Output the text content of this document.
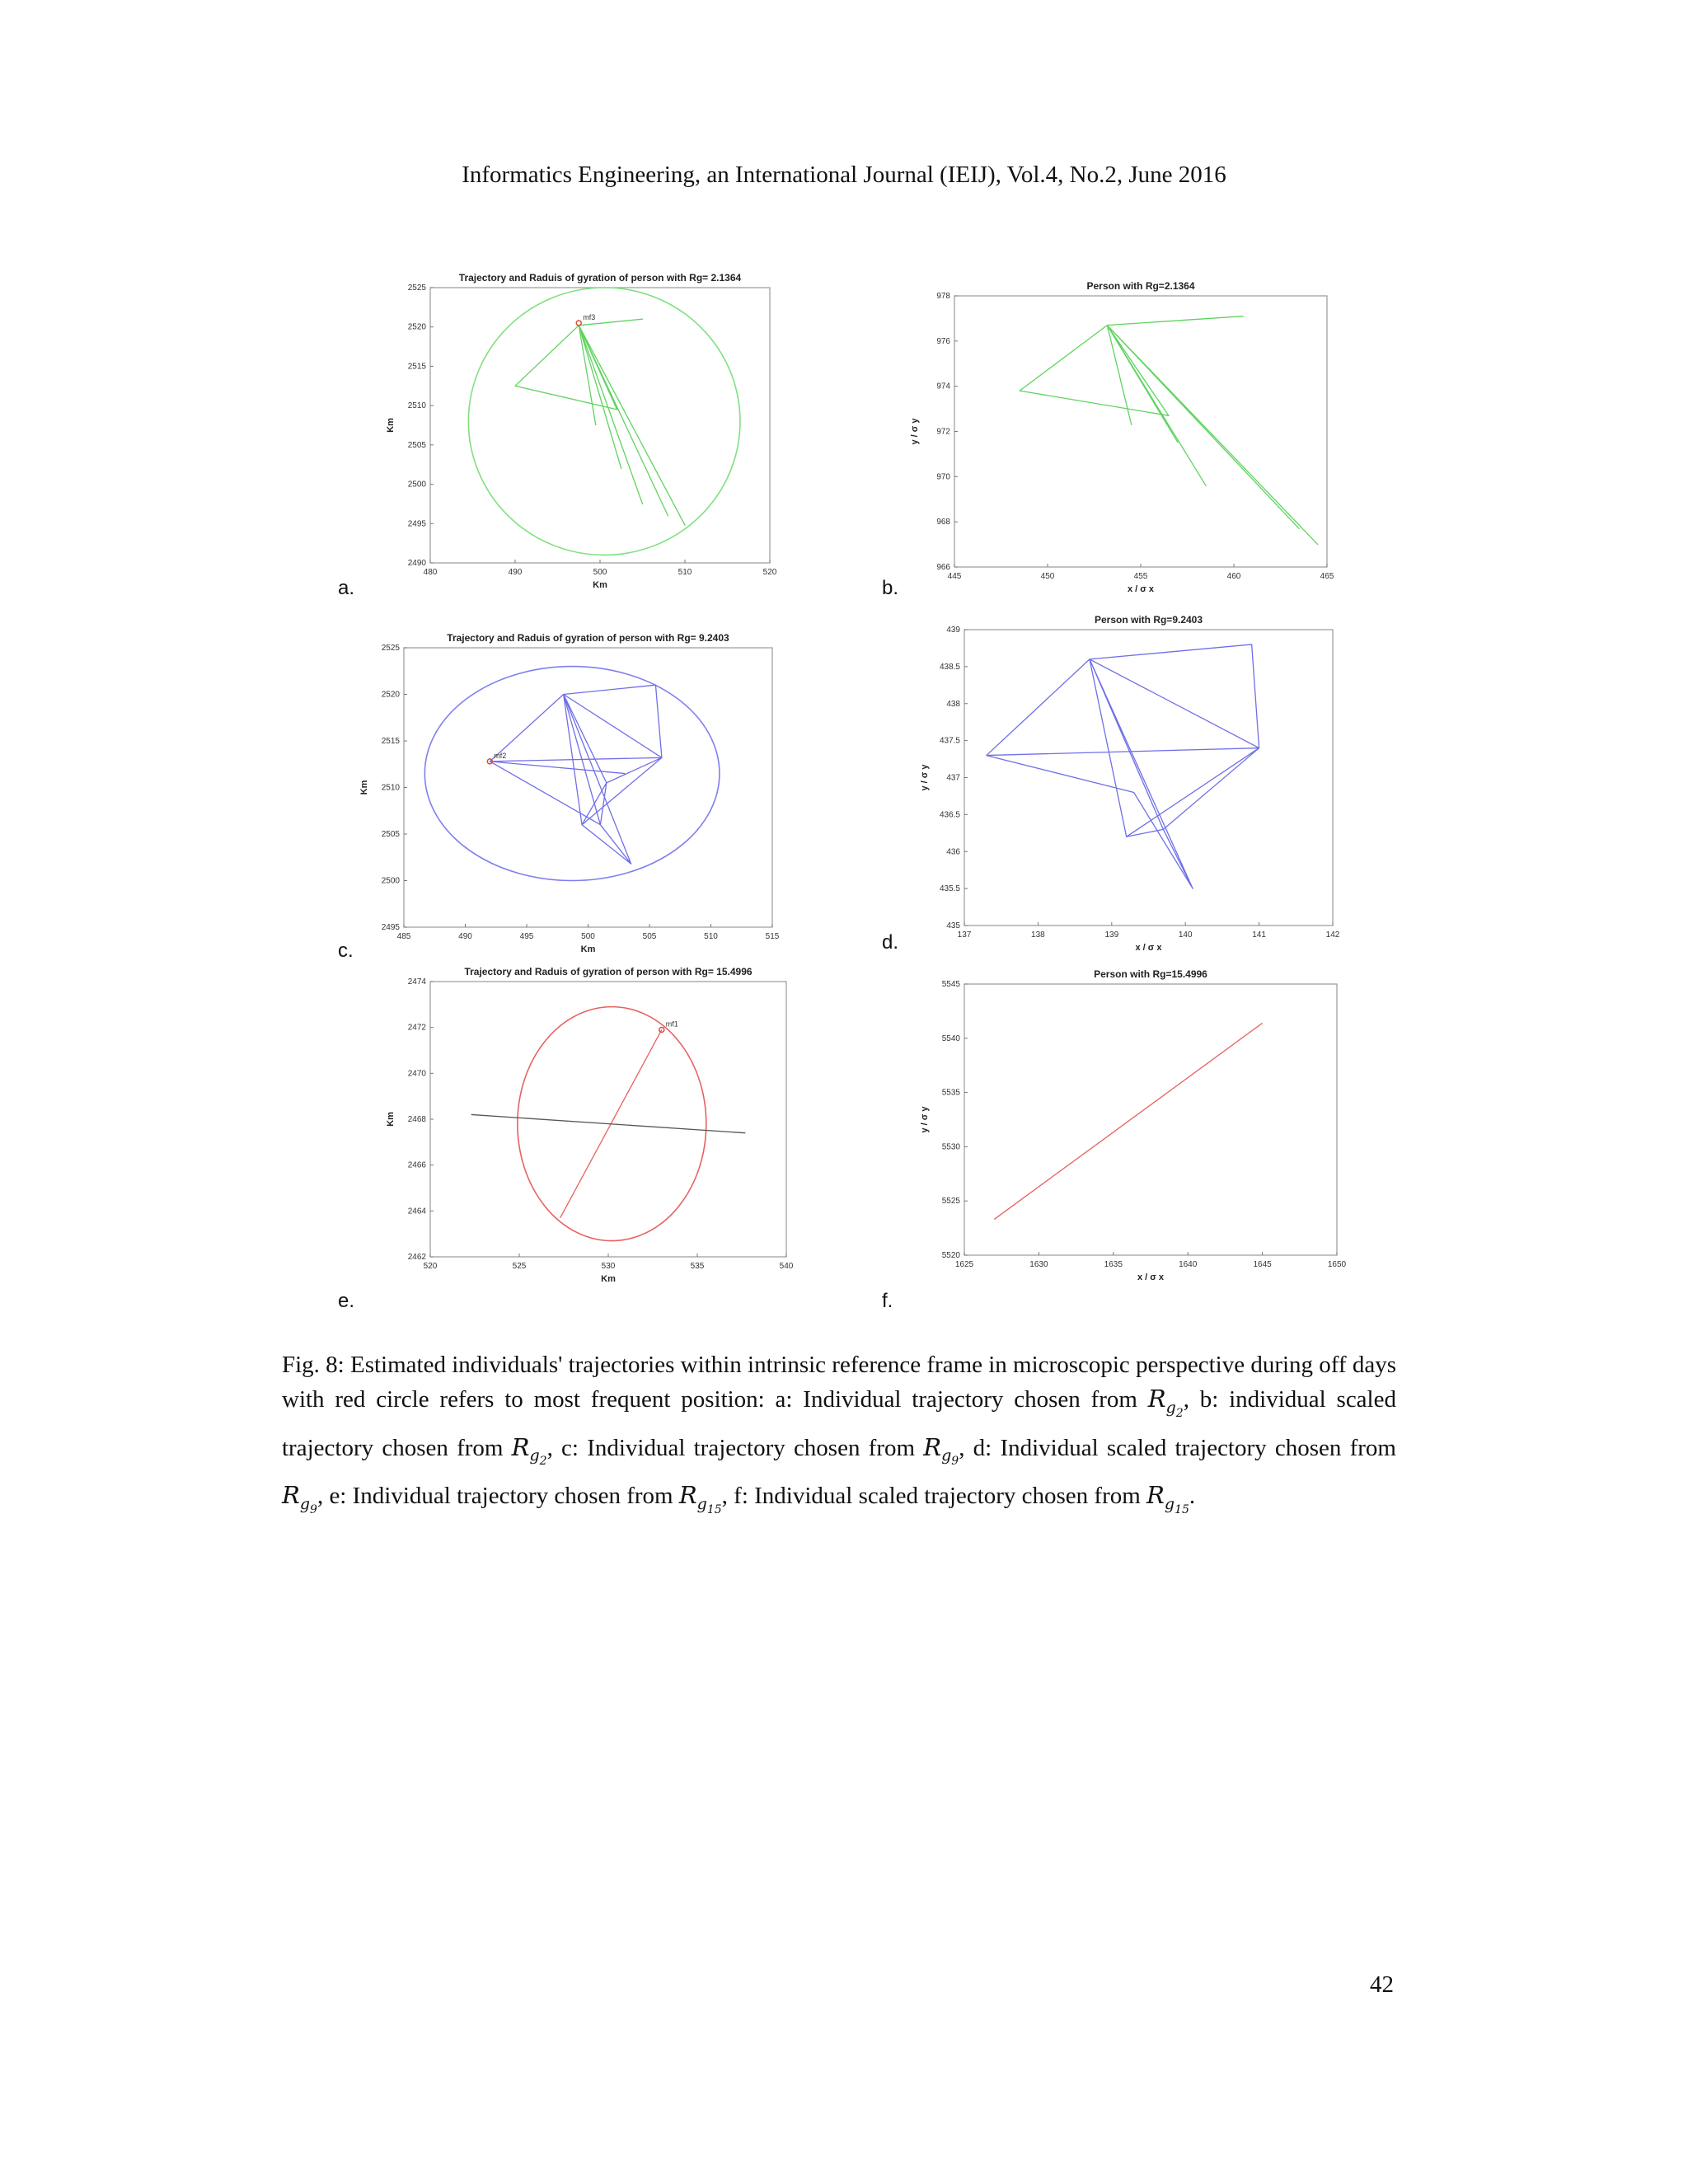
Informatics Engineering, an International Journal (IEIJ), Vol.4, No.2, June 2016
Trajectory and Raduis of gyration of person with Rg= 2.1364
480	490	500	510	520
2490
2495
2500
2505
2510
2515
2520
2525
Km
Km
mf3
a.
Person with Rg=2.1364
445	450	455	460	465
966
968
970
972
974
976
978
x / σ x
y / σ y
b.
Trajectory and Raduis of gyration of person with Rg= 9.2403
485	490	495	500	505	510	515
2495
2500
2505
2510
2515
2520
2525
Km
Km
mf2
c.
Person with Rg=9.2403
137	138	139	140	141	142
435
435.5
436
436.5
437
437.5
438
438.5
439
x / σ x
y / σ y
d.
Trajectory and Raduis of gyration of person with Rg= 15.4996
520	525	530	535	540
2462
2464
2466
2468
2470
2472
2474
Km
Km
mf1
e.
Person with Rg=15.4996
1625	1630	1635	1640	1645	1650
5520
5525
5530
5535
5540
5545
x / σ x
y / σ y
f.
Fig. 8: Estimated individuals' trajectories within intrinsic reference frame in microscopic perspective during off days with red circle refers to most frequent position: a: Individual trajectory chosen from $R_{g_2}$, b: individual scaled trajectory chosen from $R_{g_2}$, c: Individual trajectory chosen from $R_{g_9}$, d: Individual scaled trajectory chosen from $R_{g_9}$, e: Individual trajectory chosen from $R_{g_{15}}$, f: Individual scaled trajectory chosen from $R_{g_{15}}$.
42
